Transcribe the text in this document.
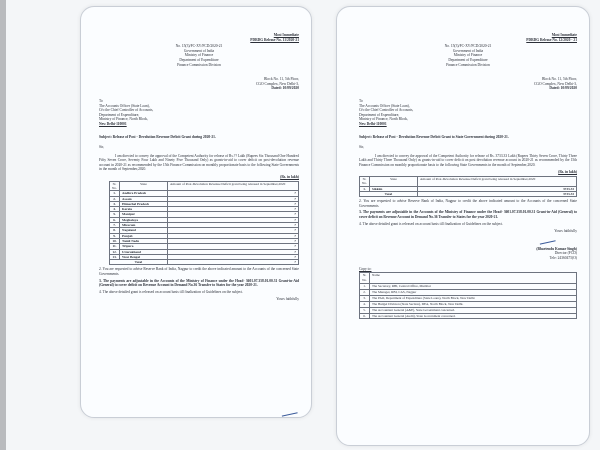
Most Immediate
PDRDG Release No. 11/2020-21
No. 15(3)/FC-XV/FCD/2020-21
Government of India
Ministry of Finance
Department of Expenditure
Finance Commission Division
Block No. 11, 5th Floor,
CGO Complex, New Delhi-3,
Dated: 10/09/2020
To
The Accounts Officer (State Loan),
O/o the Chief Controller of Accounts,
Department of Expenditure,
Ministry of Finance, North Block,
New Delhi-110001
Subject: Release of Post - Devolution Revenue Deficit Grant during 2020-21.
Sir,
I am directed to convey the approval of the Competent Authority for release of Rs.?? Lakh (Rupees Six Thousand One Hundred Fifty Seven Crore, Seventy Four Lakh and Ninety Five Thousand Only) as grants-in-aid to cover deficit on post-devolution revenue account in 2020-21 as recommended by the 15th Finance Commission on monthly proportionate basis to the following State Governments in the month of September,2020.
(Rs. in lakh)
Sl. No.	State	Amount of Post-Devolution Revenue Deficit grant being released in September,2020
1.	Andhra Pradesh	?
2.	Assam	?
3.	Himachal Pradesh	?
4.	Kerala	?
5.	Manipur	?
6.	Meghalaya	?
7.	Mizoram	?
8.	Nagaland	?
9.	Punjab	?
10.	Tamil Nadu	?
11.	Tripura	?
12.	Uttarakhand	?
13.	West Bengal	?
Total		?
2. You are requested to advise Reserve Bank of India, Nagpur to credit the above indicated amount to the Accounts of the concerned State Governments.
3. The payments are adjustable in the Accounts of the Ministry of Finance under the Head- 3601.07.358.01.00.31 Grant-in-Aid (General) to cover deficit on Revenue Account in Demand No.36 Transfer to States for the year 2020-21.
4. The above detailed grant is released on account basis till finalization of Guidelines on the subject.
Yours faithfully
Most Immediate
PDRDG Release No. 12/2020 - 21
No. 15(3)/FC-XV/FCD/2020-21
Government of India
Ministry of Finance
Department of Expenditure
Finance Commission Division
Block No. 11, 5th Floor,
CGO Complex, New Delhi-3,
Dated: 10/09/2020
To
The Accounts Officer (State Loan),
O/o the Chief Controller of Accounts,
Department of Expenditure,
Ministry of Finance, North Block,
New Delhi-110001
Subject: Release of Post - Devolution Revenue Deficit Grant to State Government during 2020-21.
Sir,
I am directed to convey the approval of the Competent Authority for release of Rs. 3733.33 Lakh (Rupees Thirty Seven Crore, Thirty Three Lakh and Thirty Three Thousand Only) as grants-in-aid to cover deficit on post devolution revenue account in 2020-21 as recommended by the 15th Finance Commission on monthly proportionate basis to the following State Governments in the month of September,2020.
(Rs. in lakh)
Sl. No.	State	Amount of Post-Devolution Revenue Deficit grant being released in September,2020
1.	Sikkim	3733.33
Total		3733.33
2. You are requested to advise Reserve Bank of India, Nagpur to credit the above indicated amount to the Accounts of the concerned State Governments.
3. The payments are adjustable in the Accounts of the Ministry of Finance under the Head- 3601.07.358.01.00.31 Grant-in-Aid (General) to cover deficit on Revenue Account in Demand No.36 Transfer to States for the year 2020-21.
4. The above detailed grant is released on account basis till finalization of Guidelines on the subject.
Yours faithfully
(Bhartendu Kumar Singh)
Director (FCD)
Tele: 24360475(O)
Copy to:
Sl. No.	Name
1.	The Secretary, RBI, Central Office, Mumbai
2.	The Manager, RBI, CAS, Nagpur
3.	The PAO, Department of Expenditure (State Loans), North Block, New Delhi
4.	The Budget Division (State Section), DEA, North Block, New Delhi.
5.	The Accountant General (A&E), State Government concerned.
6.	The Accountant General (Audit), State Government concerned.
